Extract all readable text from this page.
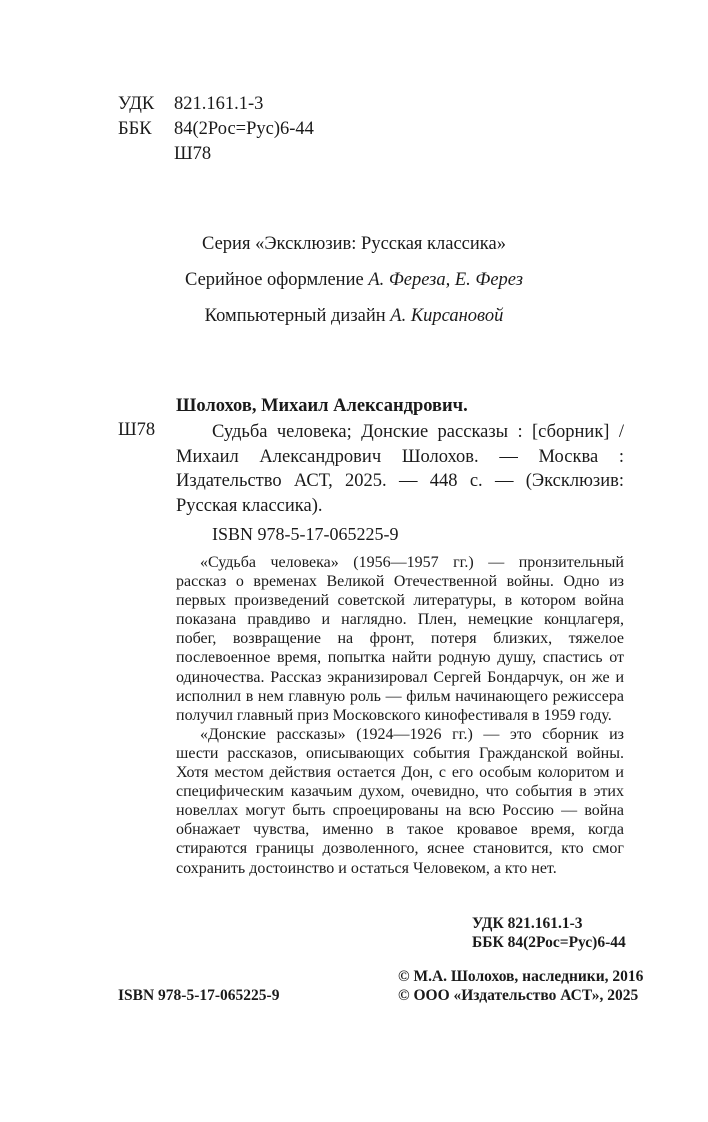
УДК 821.161.1-3
ББК 84(2Рос=Рус)6-44
Ш78
Серия «Эксклюзив: Русская классика»
Серийное оформление А. Фереза, Е. Ферез
Компьютерный дизайн А. Кирсановой
Шолохов, Михаил Александрович.
Ш78	Судьба человека; Донские рассказы : [сборник] / Михаил Александрович Шолохов. — Москва : Издательство АСТ, 2025. — 448 с. — (Эксклюзив: Русская классика).
ISBN 978-5-17-065225-9

«Судьба человека» (1956—1957 гг.) — пронзительный рассказ о временах Великой Отечественной войны. Одно из первых произведений советской литературы, в котором война показана правдиво и наглядно. Плен, немецкие концлагеря, побег, возвращение на фронт, потеря близких, тяжелое послевоенное время, попытка найти родную душу, спастись от одиночества. Рассказ экранизировал Сергей Бондарчук, он же и исполнил в нем главную роль — фильм начинающего режиссера получил главный приз Московского кинофестиваля в 1959 году.

«Донские рассказы» (1924—1926 гг.) — это сборник из шести рассказов, описывающих события Гражданской войны. Хотя местом действия остается Дон, с его особым колоритом и специфическим казачьим духом, очевидно, что события в этих новеллах могут быть спроецированы на всю Россию — война обнажает чувства, именно в такое кровавое время, когда стираются границы дозволенного, яснее становится, кто смог сохранить достоинство и остаться Человеком, а кто нет.

УДК 821.161.1-3
ББК 84(2Рос=Рус)6-44
ISBN 978-5-17-065225-9
© М.А. Шолохов, наследники, 2016
© ООО «Издательство АСТ», 2025
